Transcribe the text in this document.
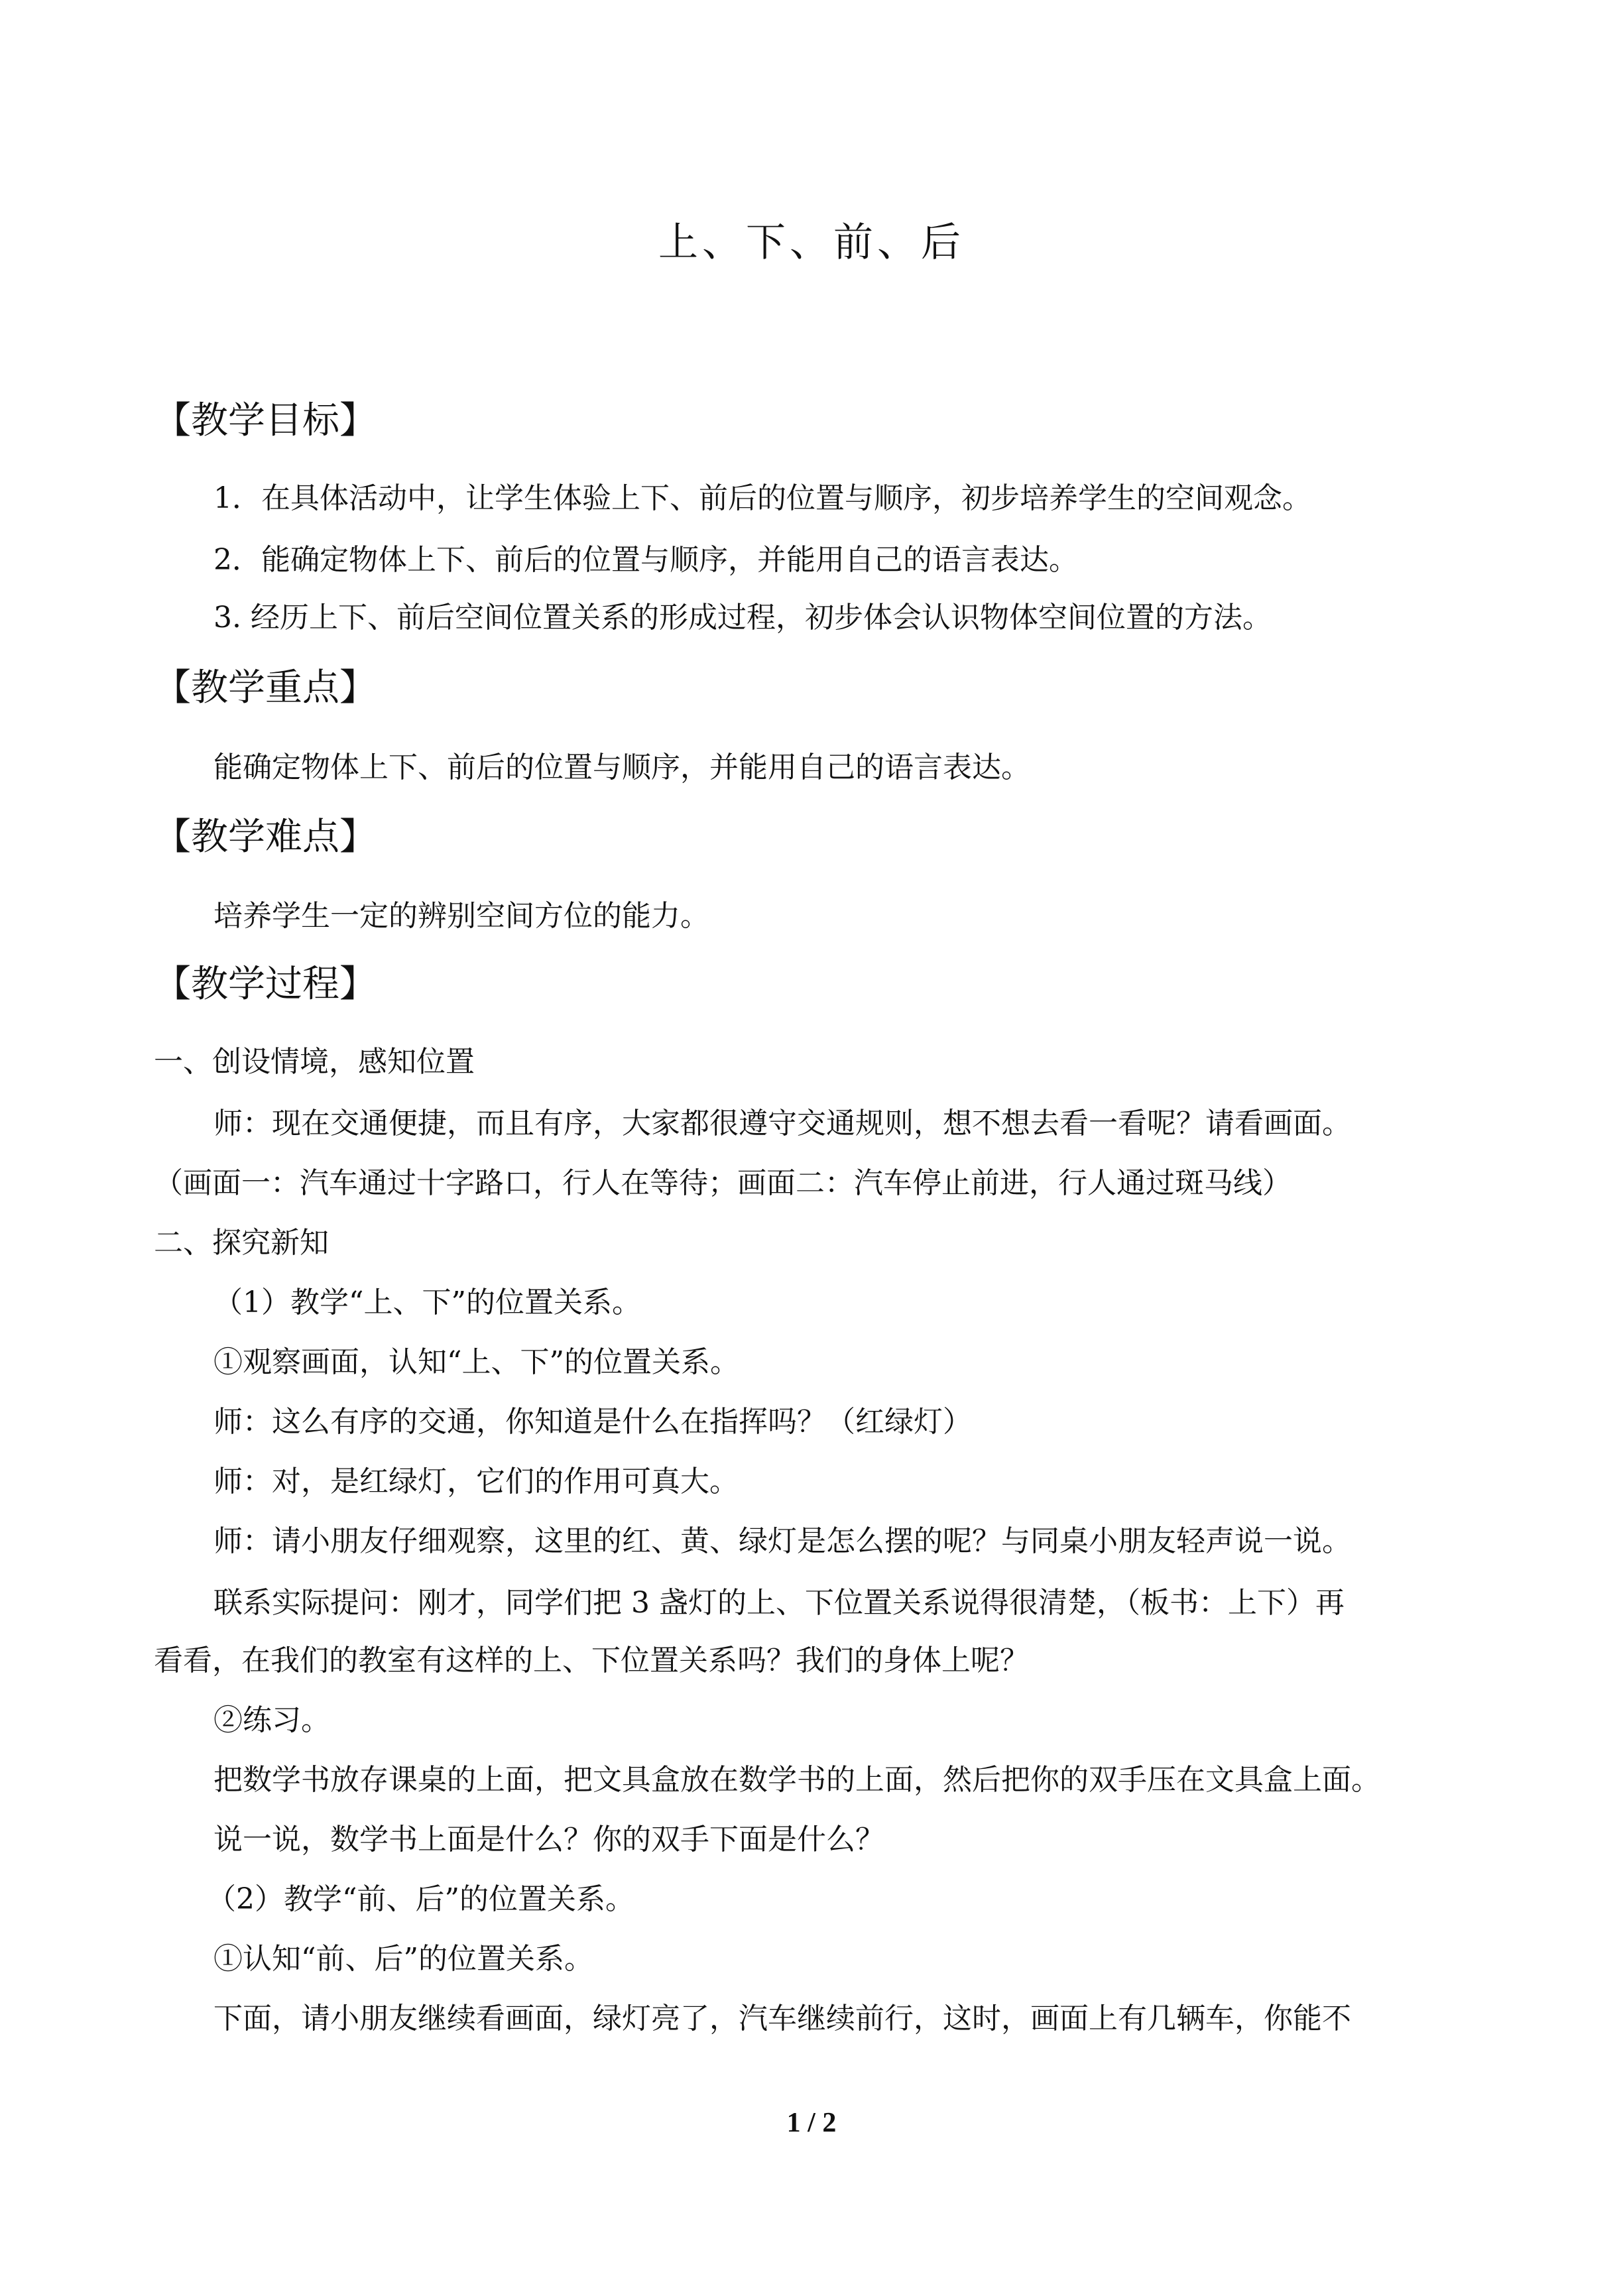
上、下、前、后
【教学目标】

1．在具体活动中，让学生体验上下、前后的位置与顺序，初步培养学生的空间观念。

2．能确定物体上下、前后的位置与顺序，并能用自己的语言表达。

3. 经历上下、前后空间位置关系的形成过程，初步体会认识物体空间位置的方法。

【教学重点】

能确定物体上下、前后的位置与顺序，并能用自己的语言表达。

【教学难点】

培养学生一定的辨别空间方位的能力。

【教学过程】

一、创设情境，感知位置

师：现在交通便捷，而且有序，大家都很遵守交通规则，想不想去看一看呢？请看画面。

（画面一：汽车通过十字路口，行人在等待；画面二：汽车停止前进，行人通过斑马线）

二、探究新知

（1）教学“上、下”的位置关系。

①观察画面，认知“上、下”的位置关系。

师：这么有序的交通，你知道是什么在指挥吗？（红绿灯）

师：对，是红绿灯，它们的作用可真大。

师：请小朋友仔细观察，这里的红、黄、绿灯是怎么摆的呢？与同桌小朋友轻声说一说。

联系实际提问：刚才，同学们把 3 盏灯的上、下位置关系说得很清楚，（板书：上下）再

看看，在我们的教室有这样的上、下位置关系吗？我们的身体上呢？

②练习。

把数学书放存课桌的上面，把文具盒放在数学书的上面，然后把你的双手压在文具盒上面。

说一说，数学书上面是什么？你的双手下面是什么？

（2）教学“前、后”的位置关系。

①认知“前、后”的位置关系。

下面，请小朋友继续看画面，绿灯亮了，汽车继续前行，这时，画面上有几辆车，你能不

1 / 2
